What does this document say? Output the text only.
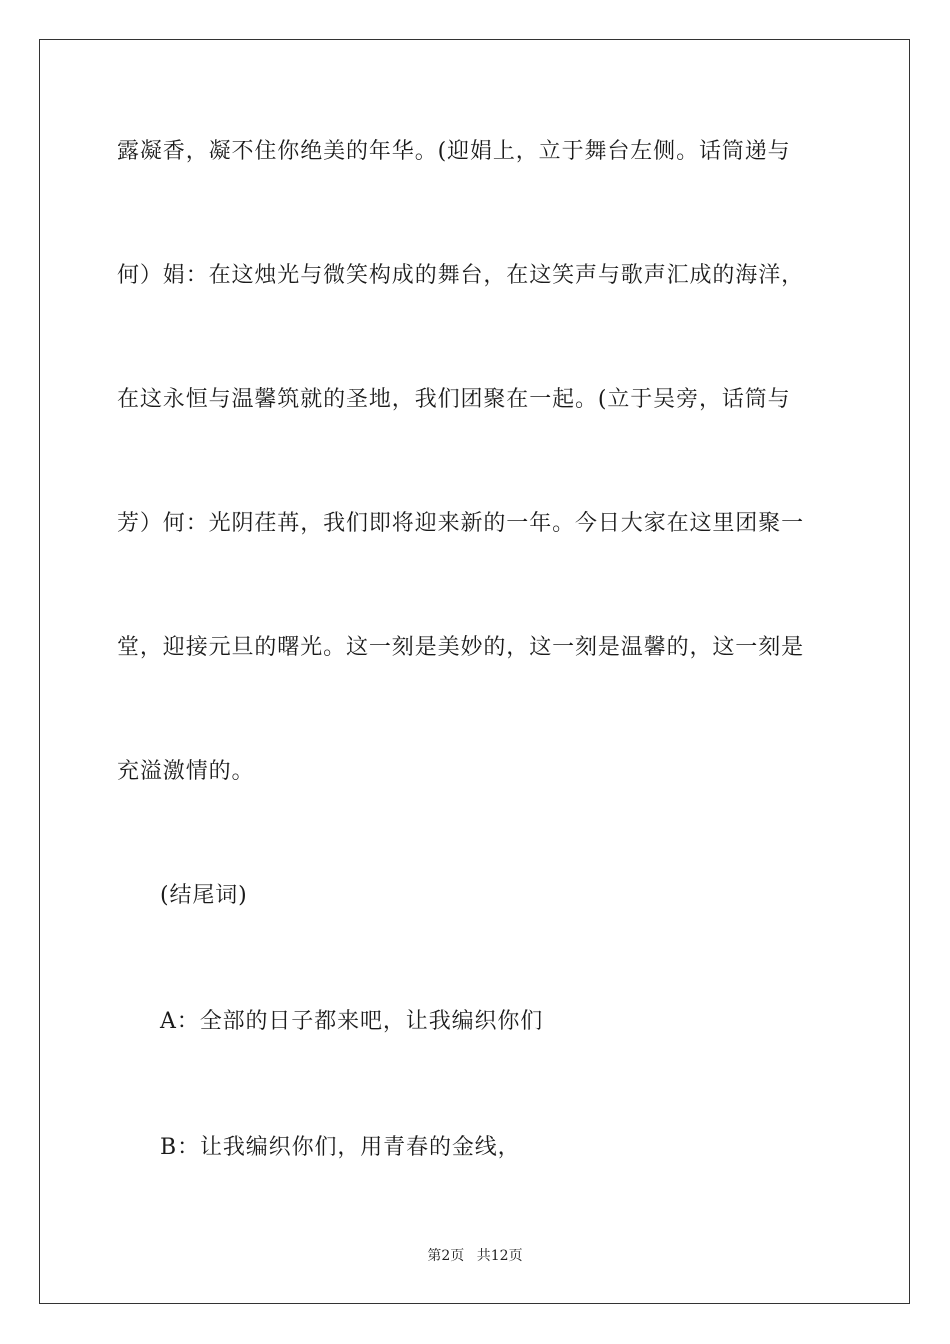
露凝香，凝不住你绝美的年华。(迎娟上，立于舞台左侧。话筒递与
何）娟：在这烛光与微笑构成的舞台，在这笑声与歌声汇成的海洋，
在这永恒与温馨筑就的圣地，我们团聚在一起。(立于吴旁，话筒与
芳）何：光阴荏苒，我们即将迎来新的一年。今日大家在这里团聚一
堂，迎接元旦的曙光。这一刻是美妙的，这一刻是温馨的，这一刻是
充溢激情的。
(结尾词)
A：全部的日子都来吧，让我编织你们
B：让我编织你们，用青春的金线，
第2页 共12页
